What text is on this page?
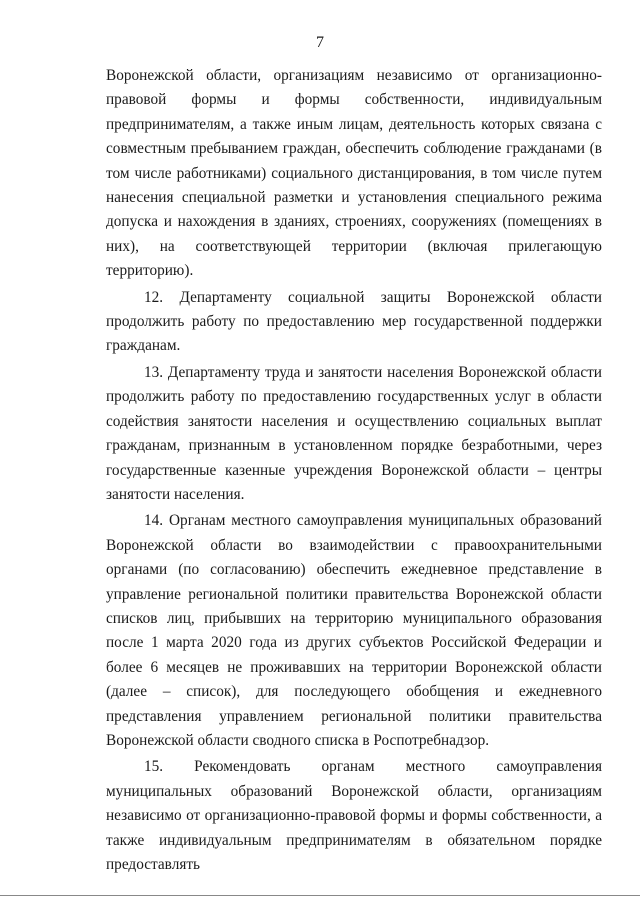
7

Воронежской области, организациям независимо от организационно-правовой формы и формы собственности, индивидуальным предпринимателям, а также иным лицам, деятельность которых связана с совместным пребыванием граждан, обеспечить соблюдение гражданами (в том числе работниками) социального дистанцирования, в том числе путем нанесения специальной разметки и установления специального режима допуска и нахождения в зданиях, строениях, сооружениях (помещениях в них), на соответствующей территории (включая прилегающую территорию).

12. Департаменту социальной защиты Воронежской области продолжить работу по предоставлению мер государственной поддержки гражданам.

13. Департаменту труда и занятости населения Воронежской области продолжить работу по предоставлению государственных услуг в области содействия занятости населения и осуществлению социальных выплат гражданам, признанным в установленном порядке безработными, через государственные казенные учреждения Воронежской области – центры занятости населения.

14. Органам местного самоуправления муниципальных образований Воронежской области во взаимодействии с правоохранительными органами (по согласованию) обеспечить ежедневное представление в управление региональной политики правительства Воронежской области списков лиц, прибывших на территорию муниципального образования после 1 марта 2020 года из других субъектов Российской Федерации и более 6 месяцев не проживавших на территории Воронежской области (далее – список), для последующего обобщения и ежедневного представления управлением региональной политики правительства Воронежской области сводного списка в Роспотребнадзор.

15. Рекомендовать органам местного самоуправления муниципальных образований Воронежской области, организациям независимо от организационно-правовой формы и формы собственности, а также индивидуальным предпринимателям в обязательном порядке предоставлять
